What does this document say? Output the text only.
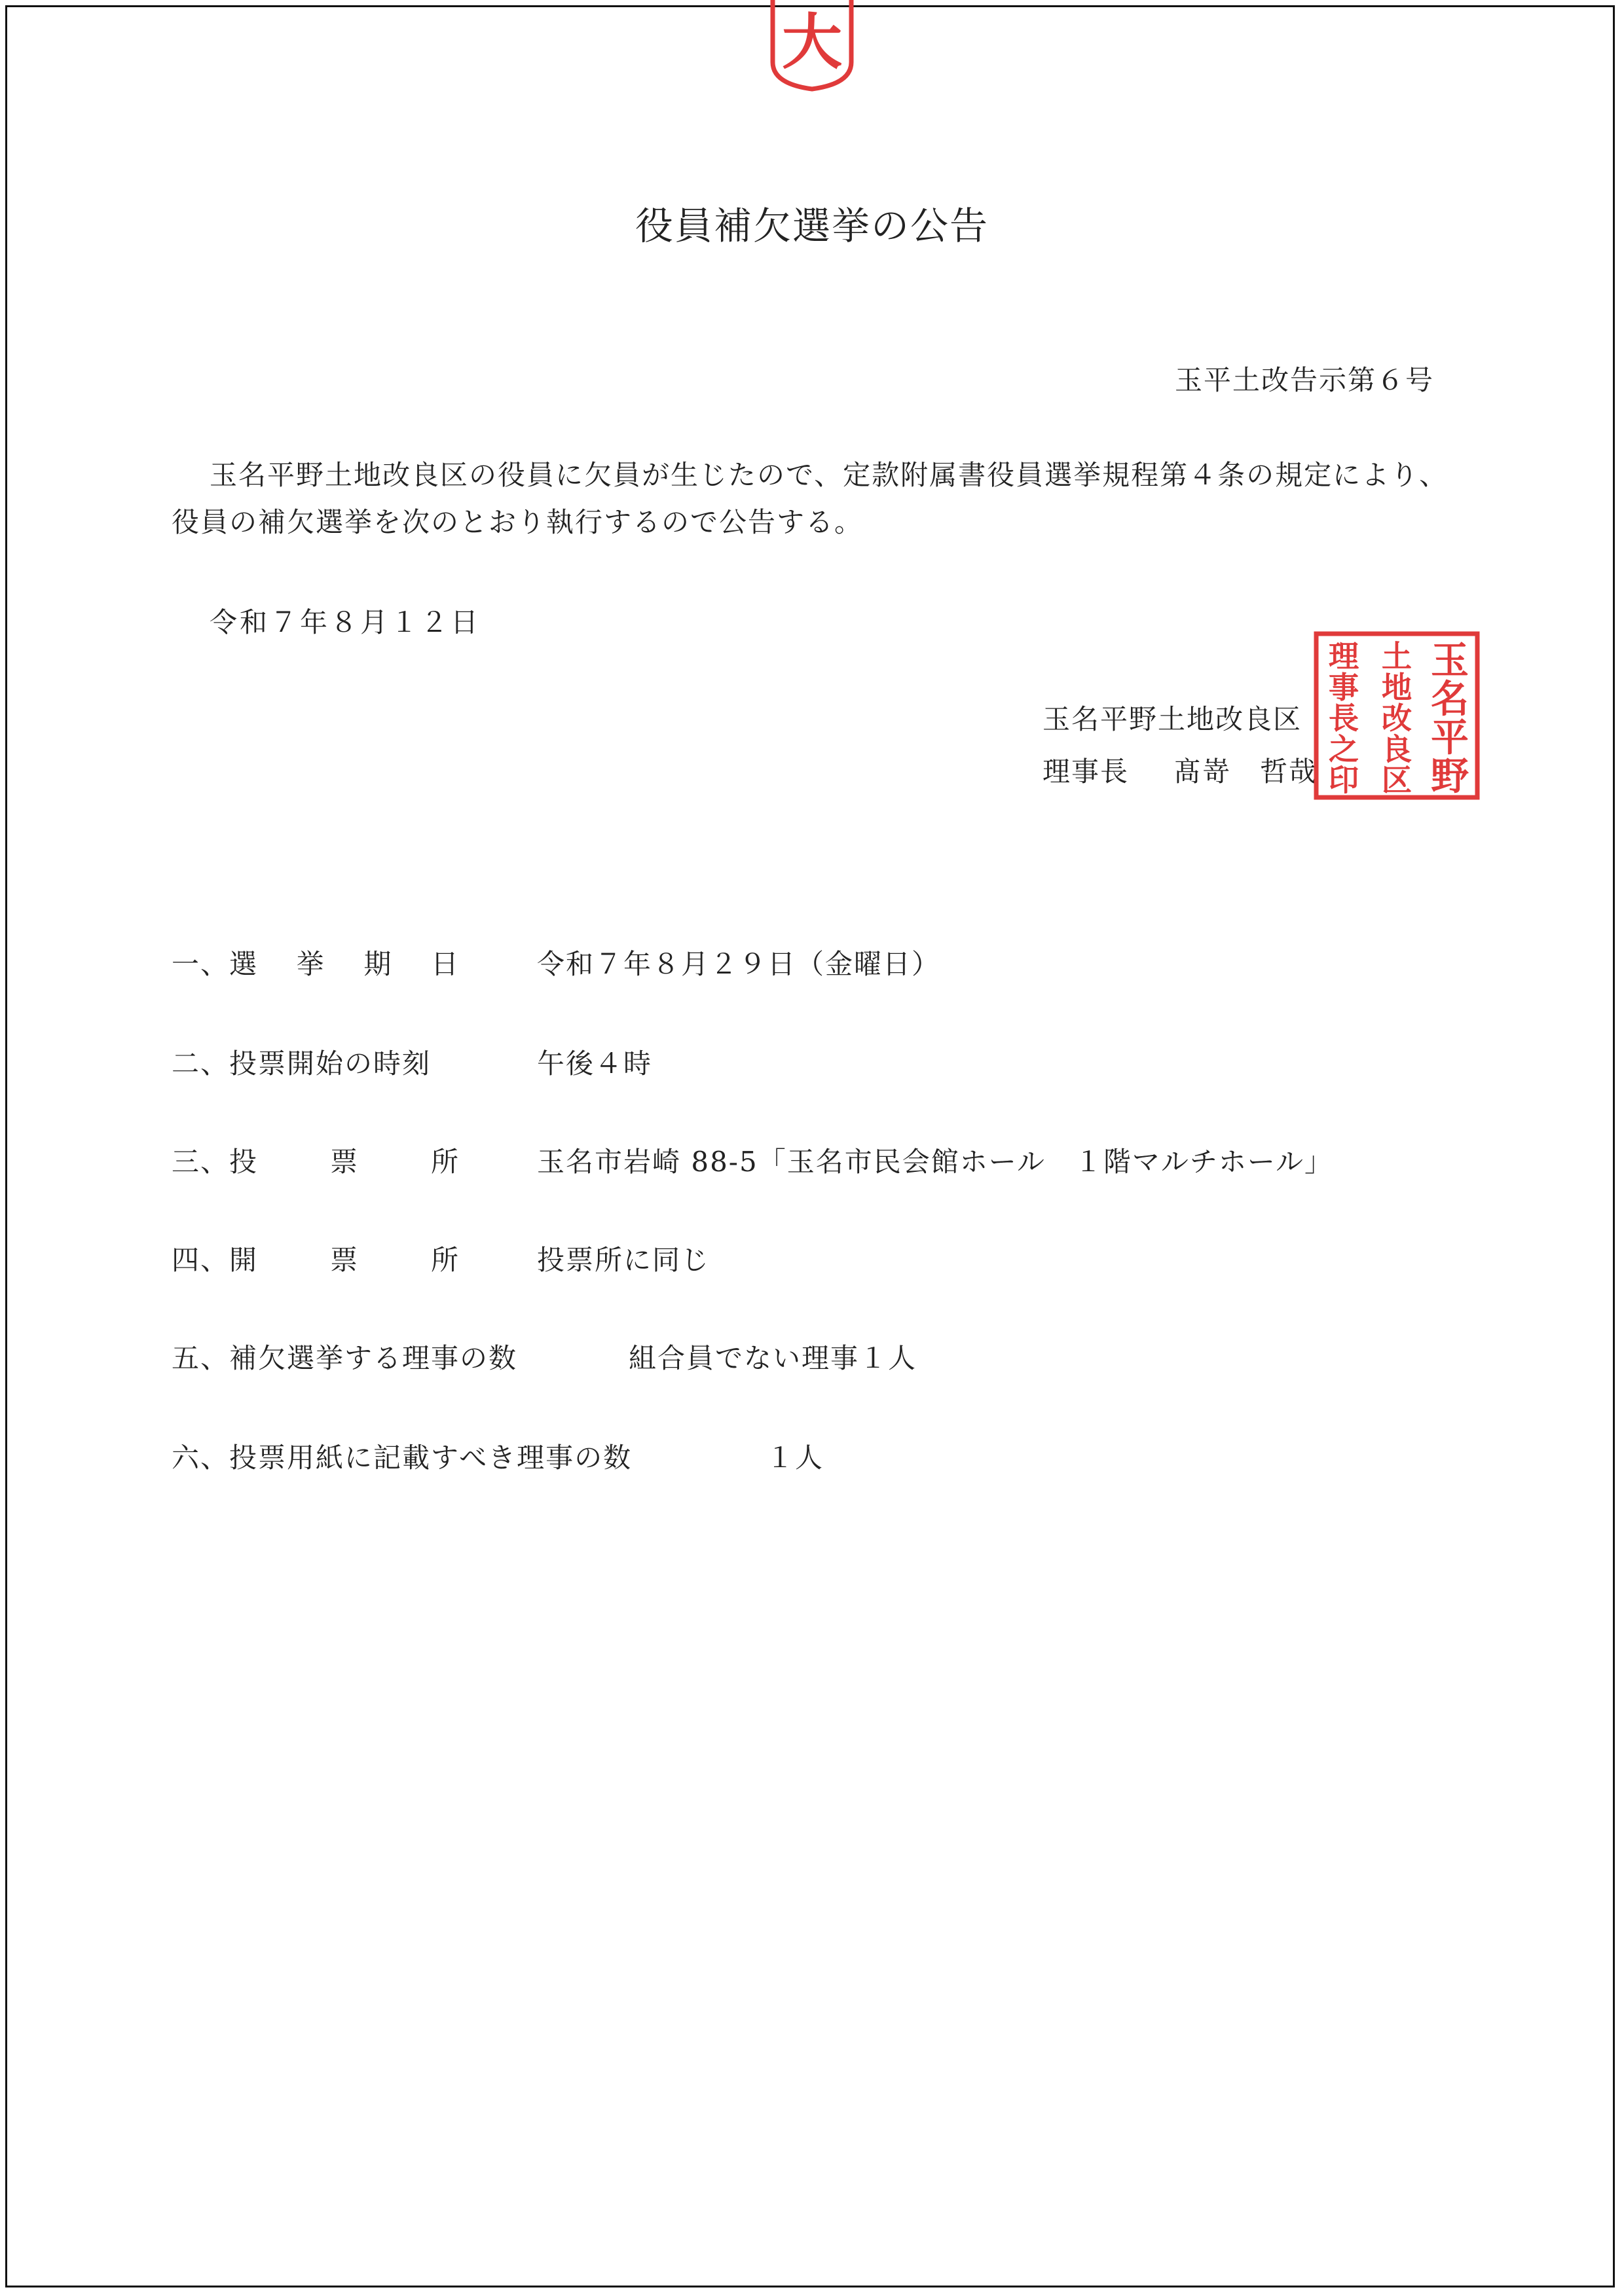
大
役員補欠選挙の公告
玉平土改告示第６号
玉名平野土地改良区の役員に欠員が生じたので、定款附属書役員選挙規程第４条の規定により、役員の補欠選挙を次のとおり執行するので公告する。
令和７年８月１２日
玉名平野土地改良区
理事長 髙嵜 哲哉
理
事
長
之
印
土
地
改
良
区
玉
名
平
野
一、 選 挙 期 日	令和７年８月２９日（金曜日）
二、投票開始の時刻	午後４時
三、 投	票	所	玉名市岩崎 88-5「玉名市民会館ホール　１階マルチホール」
四、 開	票	所	投票所に同じ
五、補欠選挙する理事の数	組合員でない理事１人
六、投票用紙に記載すべき理事の数	１人
